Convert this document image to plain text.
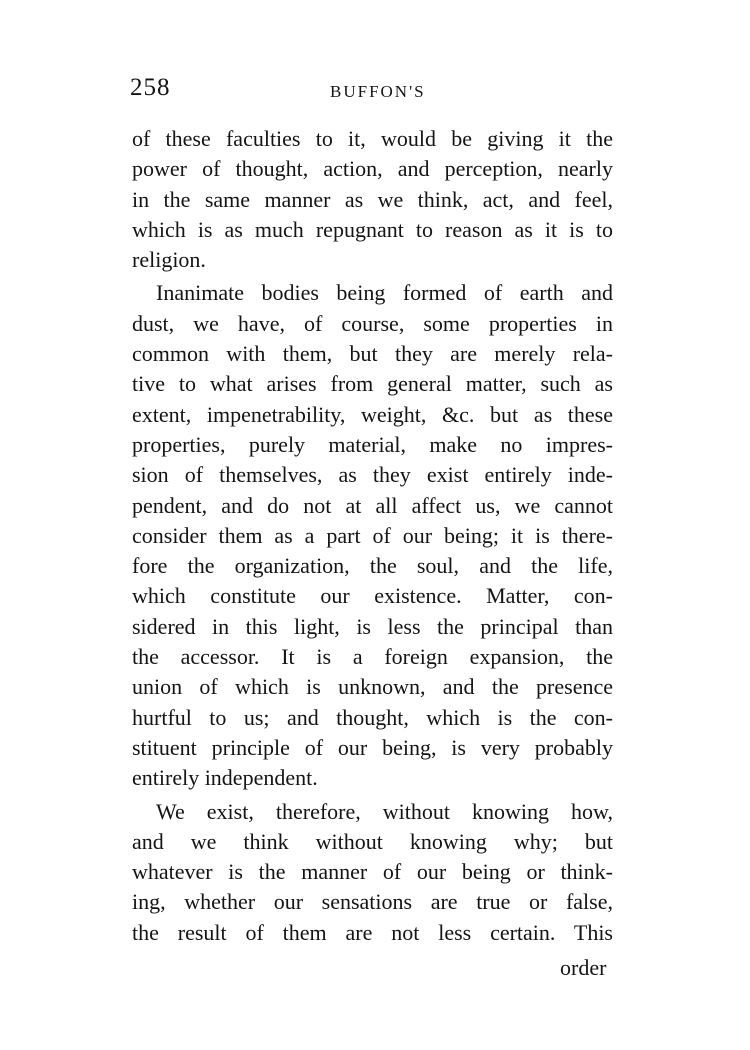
258	BUFFON'S
of these faculties to it, would be giving it the
power of thought, action, and perception, nearly
in the same manner as we think, act, and feel,
which is as much repugnant to reason as it is to
religion.
Inanimate bodies being formed of earth and
dust, we have, of course, some properties in
common with them, but they are merely rela-
tive to what arises from general matter, such as
extent, impenetrability, weight, &c. but as these
properties, purely material, make no impres-
sion of themselves, as they exist entirely inde-
pendent, and do not at all affect us, we cannot
consider them as a part of our being; it is there-
fore the organization, the soul, and the life,
which constitute our existence. Matter, con-
sidered in this light, is less the principal than
the accessor. It is a foreign expansion, the
union of which is unknown, and the presence
hurtful to us; and thought, which is the con-
stituent principle of our being, is very probably
entirely independent.
We exist, therefore, without knowing how,
and we think without knowing why; but
whatever is the manner of our being or think-
ing, whether our sensations are true or false,
the result of them are not less certain. This
order
